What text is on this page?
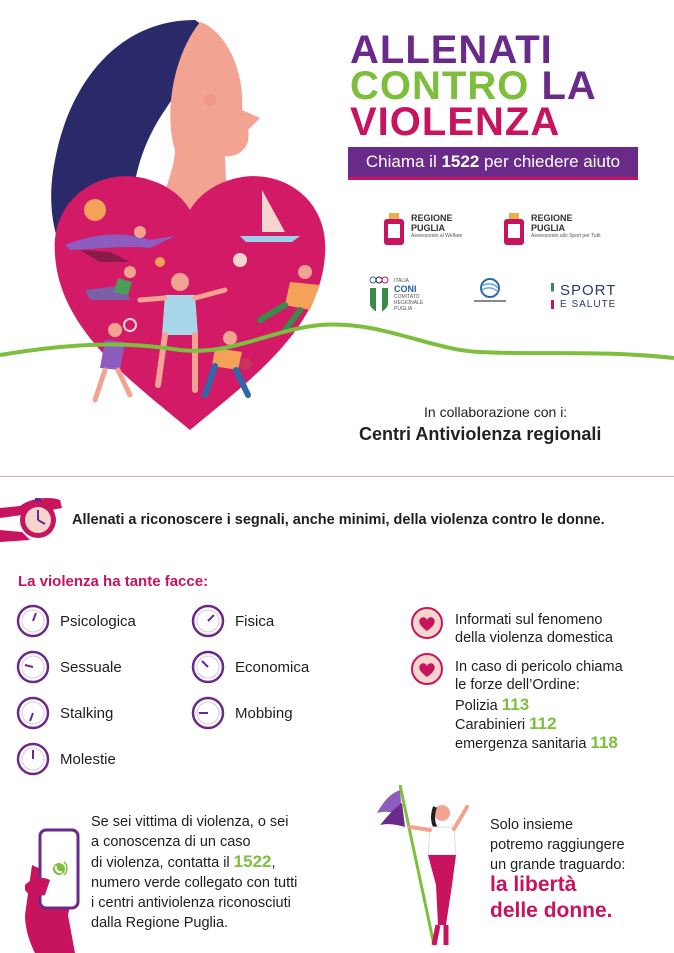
ALLENATI
CONTRO LA
VIOLENZA
Chiama il 1522 per chiedere aiuto
REGIONE
PUGLIA
Assessorato al Welfare
REGIONE
PUGLIA
Assessorato allo Sport per Tutti
ITALIA
CONI
COMITATO
REGIONALE
PUGLIA
SPORT
E SALUTE
In collaborazione con i:
Centri Antiviolenza regionali
Allenati a riconoscere i segnali, anche minimi, della violenza contro le donne.
La violenza ha tante facce:
Psicologica	Fisica
Sessuale	Economica
Stalking	Mobbing
Molestie
Informati sul fenomeno
della violenza domestica
In caso di pericolo chiama
le forze dell’Ordine:
Polizia 113
Carabinieri 112
emergenza sanitaria 118
Se sei vittima di violenza, o sei
a conoscenza di un caso
di violenza, contatta il 1522,
numero verde collegato con tutti
i centri antiviolenza riconosciuti
dalla Regione Puglia.
Solo insieme
potremo raggiungere
un grande traguardo:
la libertà
delle donne.
